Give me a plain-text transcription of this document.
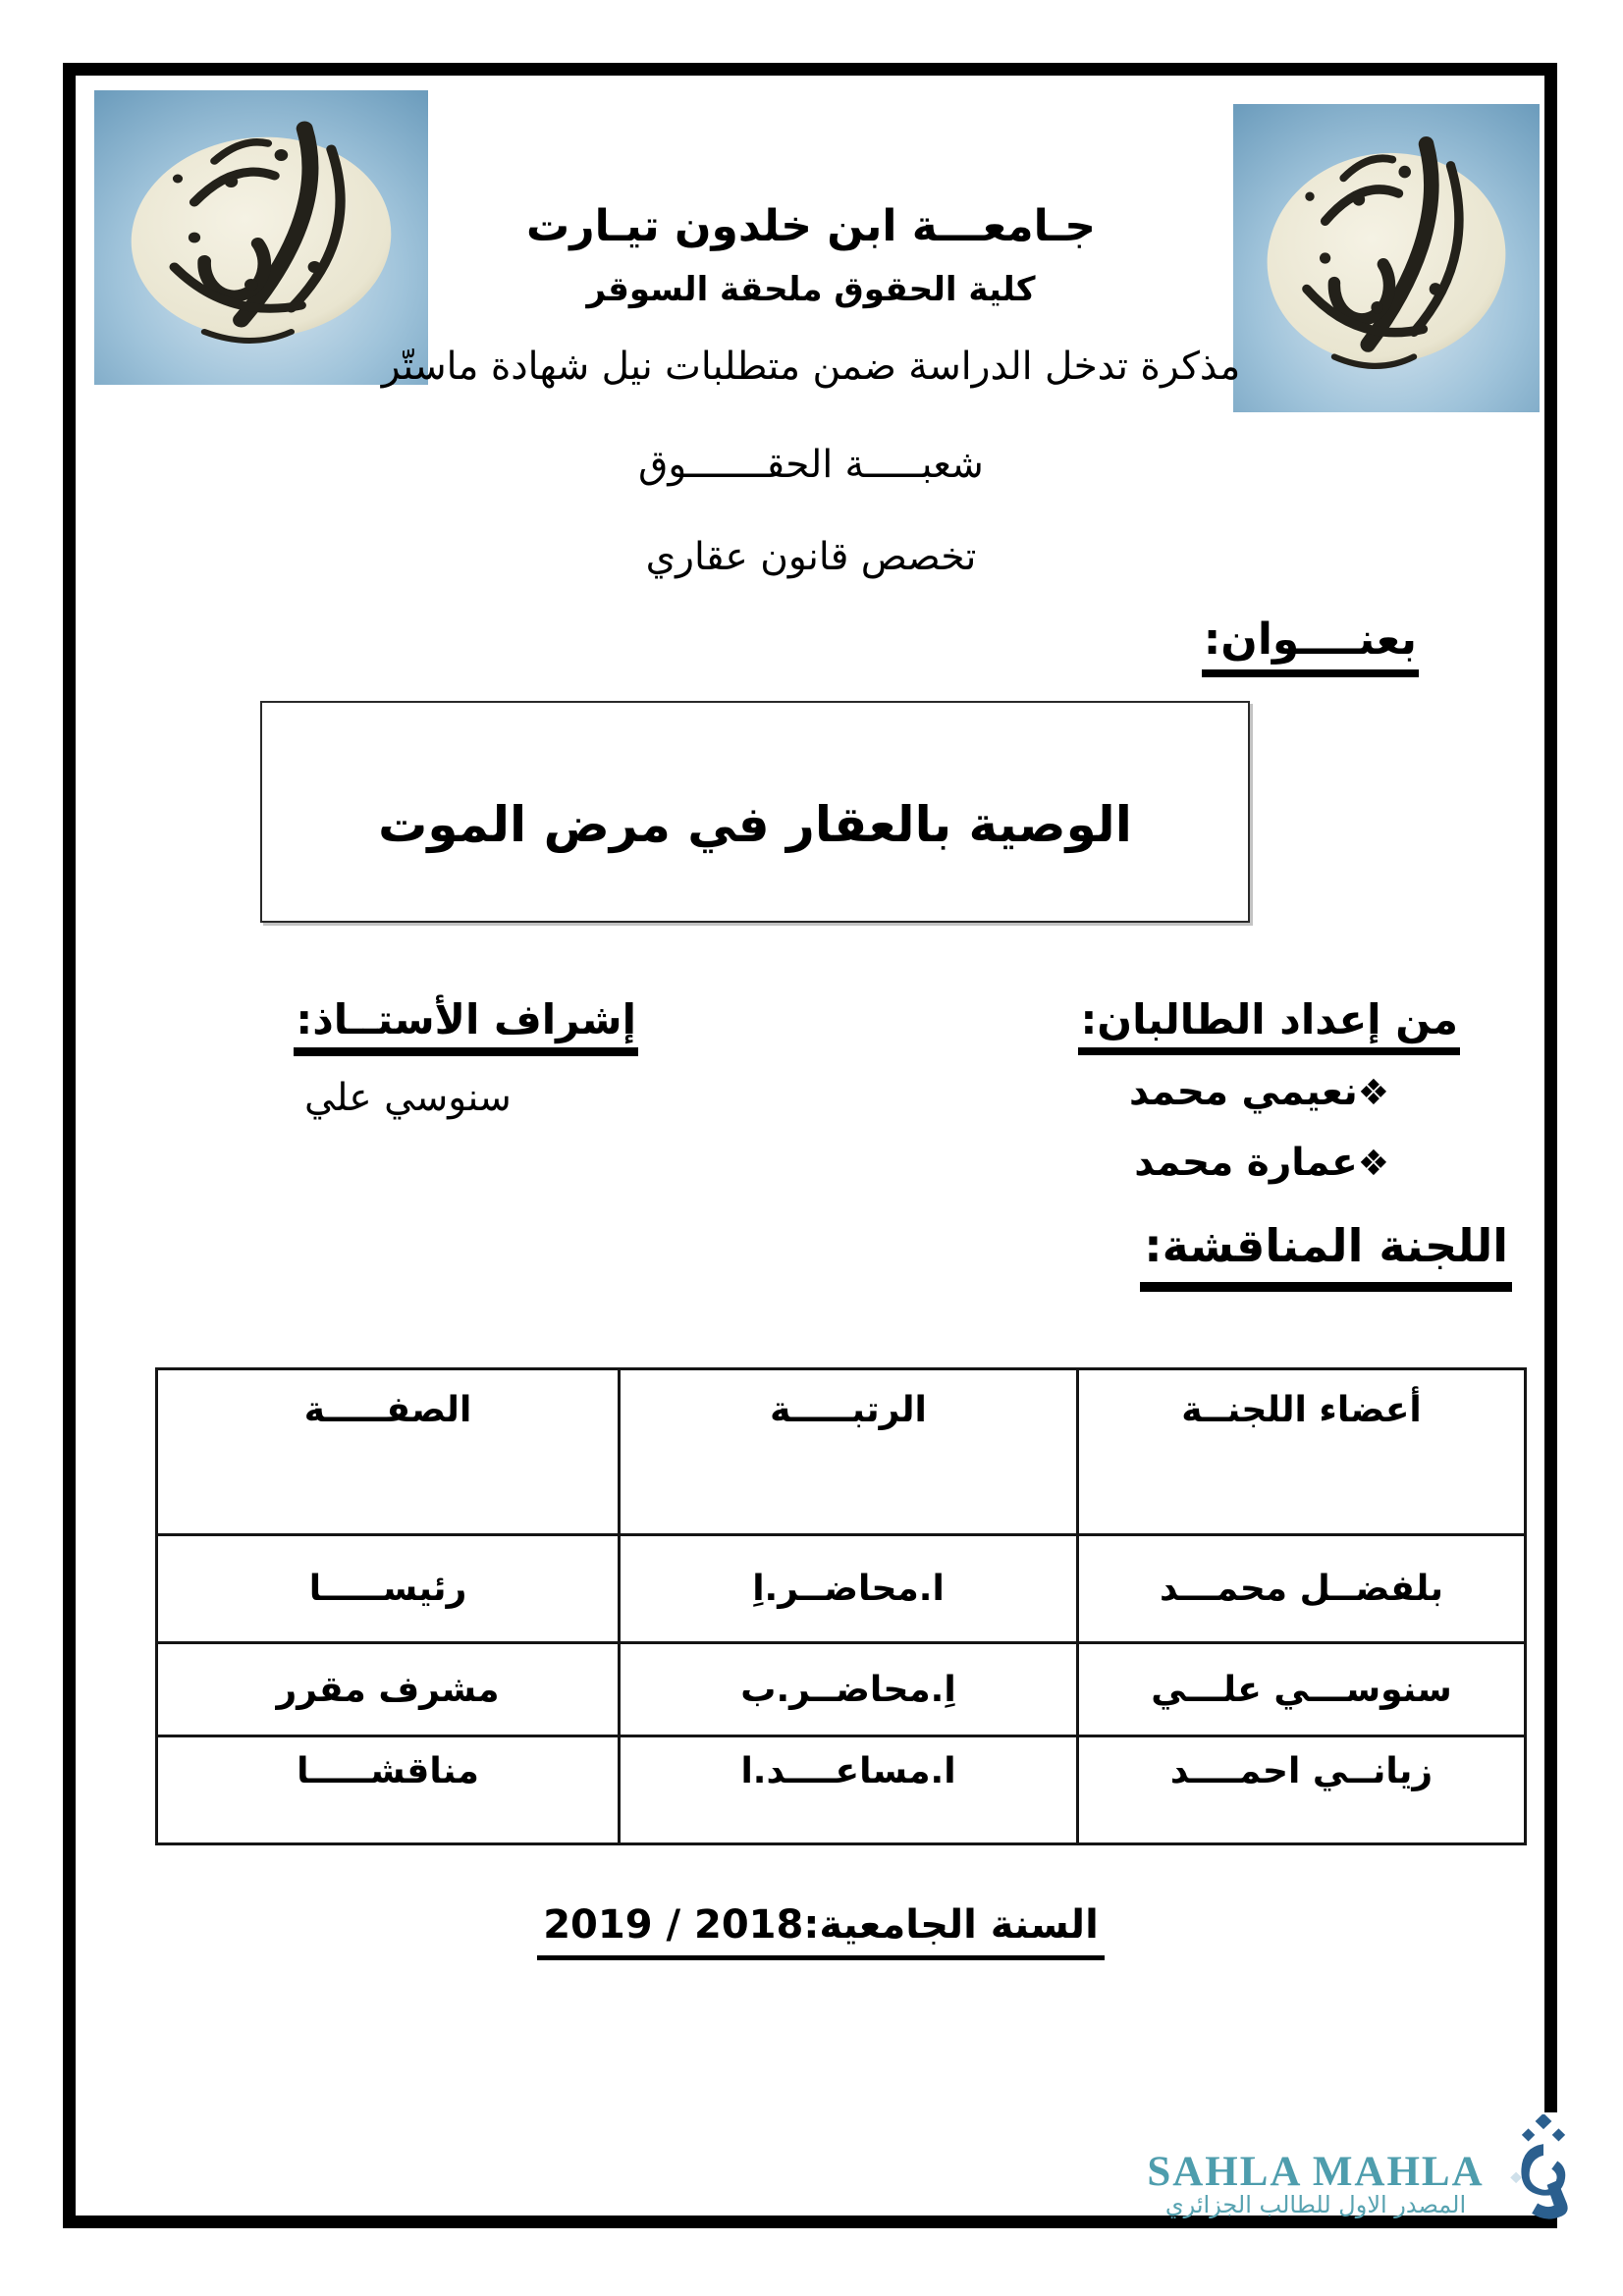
جـامعـــة ابن خلدون تيـارت
كلية الحقوق ملحقة السوقر
مذكرة تدخل الدراسة ضمن متطلبات نيل شهادة ماستّر
شعبـــــة الحقـــــــوق
تخصص قانون عقاري
بعنــــوان:
الوصية بالعقار في مرض الموت
من إعداد الطالبان:
❖نعيمي محمد
❖عمارة محمد
إشراف الأستــاذ:
سنوسي علي
اللجنة المناقشة:
أعضاء اللجنــة	الرتبـــــة	الصفـــــة
بلفضــل محمـــد	ا.محاضــر.اِ	رئيســـــا
سنوســـي علـــي	اِ.محاضــر.ب	مشرف مقرر
زيانــي احمــــد	ا.مساعــــد.ا	مناقشـــــا
السنة الجامعية:2018 / 2019
SAHLA MAHLA
المصدر الاول للطالب الجزائري
